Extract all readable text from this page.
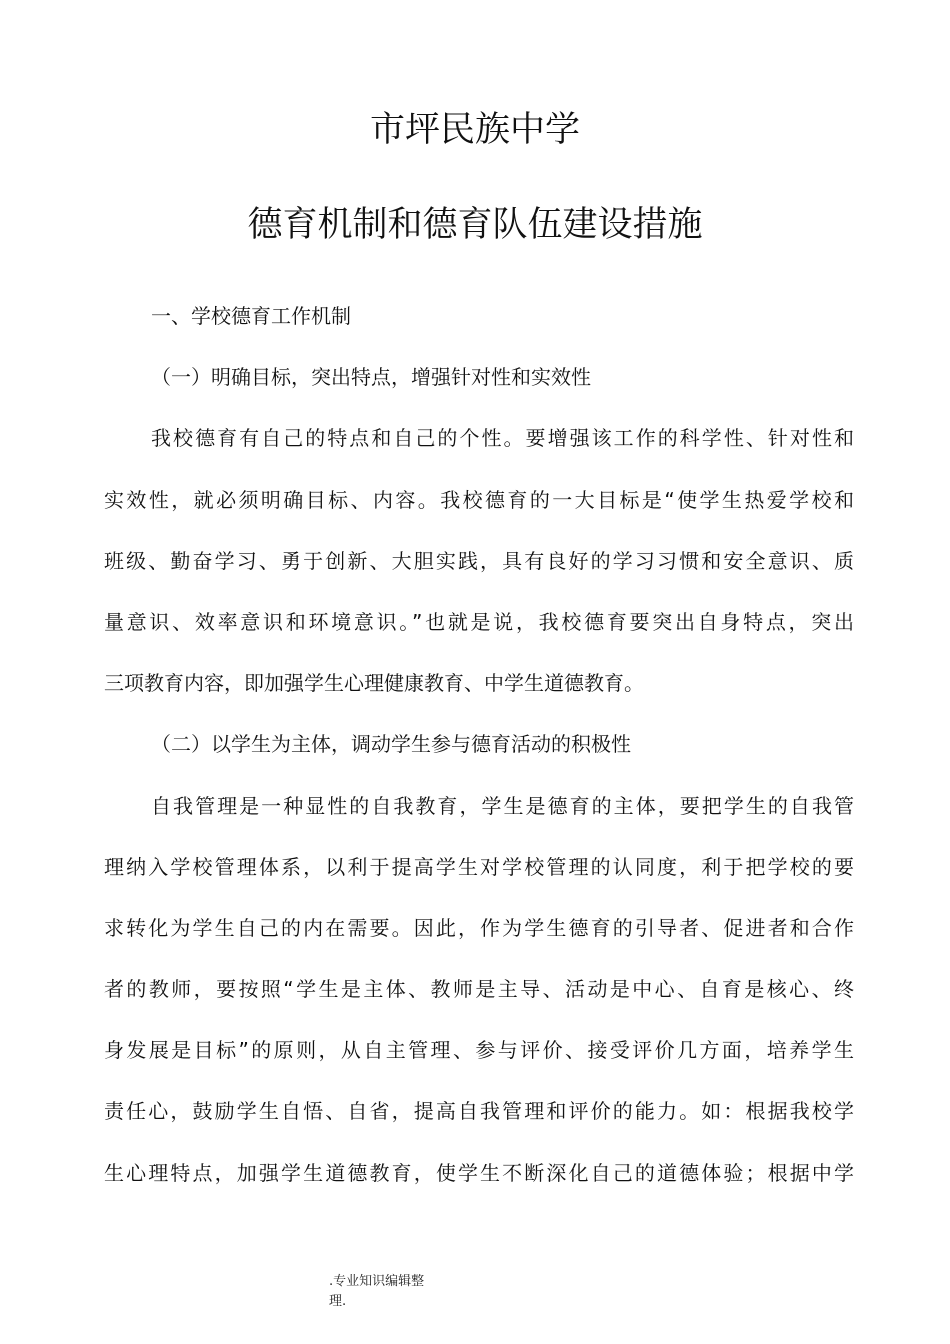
市坪民族中学
德育机制和德育队伍建设措施
一、学校德育工作机制
（一）明确目标，突出特点，增强针对性和实效性
我校德育有自己的特点和自己的个性。要增强该工作的科学性、针对性和
实效性，就必须明确目标、内容。我校德育的一大目标是“使学生热爱学校和
班级、勤奋学习、勇于创新、大胆实践，具有良好的学习习惯和安全意识、质
量意识、效率意识和环境意识。”也就是说，我校德育要突出自身特点，突出
三项教育内容，即加强学生心理健康教育、中学生道德教育。
（二）以学生为主体，调动学生参与德育活动的积极性
自我管理是一种显性的自我教育，学生是德育的主体，要把学生的自我管
理纳入学校管理体系，以利于提高学生对学校管理的认同度，利于把学校的要
求转化为学生自己的内在需要。因此，作为学生德育的引导者、促进者和合作
者的教师，要按照“学生是主体、教师是主导、活动是中心、自育是核心、终
身发展是目标”的原则，从自主管理、参与评价、接受评价几方面，培养学生
责任心，鼓励学生自悟、自省，提高自我管理和评价的能力。如：根据我校学
生心理特点，加强学生道德教育，使学生不断深化自己的道德体验；根据中学
.专业知识编辑整
理.
